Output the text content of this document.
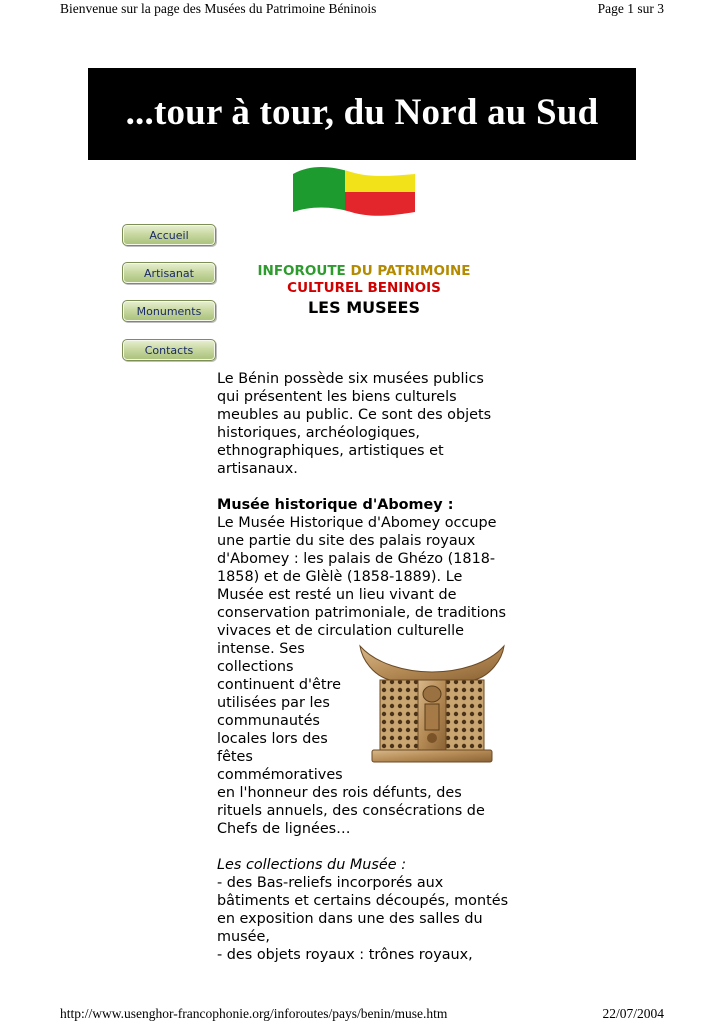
Bienvenue sur la page des Musées du Patrimoine Béninois	Page 1 sur 3
...tour à tour, du Nord au Sud
Accueil
Artisanat
Monuments
Contacts
INFOROUTE DU PATRIMOINE
CULTUREL BENINOIS
LES MUSEES

Le Bénin possède six musées publics

qui présentent les biens culturels

meubles au public. Ce sont des objets

historiques, archéologiques,

ethnographiques, artistiques et

artisanaux.

Musée historique d'Abomey :

Le Musée Historique d'Abomey occupe

une partie du site des palais royaux

d'Abomey : les palais de Ghézo (1818-

1858) et de Glèlè (1858-1889). Le

Musée est resté un lieu vivant de

conservation patrimoniale, de traditions

vivaces et de circulation culturelle

intense. Ses

collections

continuent d'être

utilisées par les

communautés

locales lors des

fêtes

commémoratives

en l'honneur des rois défunts, des

rituels annuels, des consécrations de

Chefs de lignées…

Les collections du Musée :

- des Bas-reliefs incorporés aux

bâtiments et certains découpés, montés

en exposition dans une des salles du

musée,

- des objets royaux : trônes royaux,

http://www.usenghor-francophonie.org/inforoutes/pays/benin/muse.htm	22/07/2004
